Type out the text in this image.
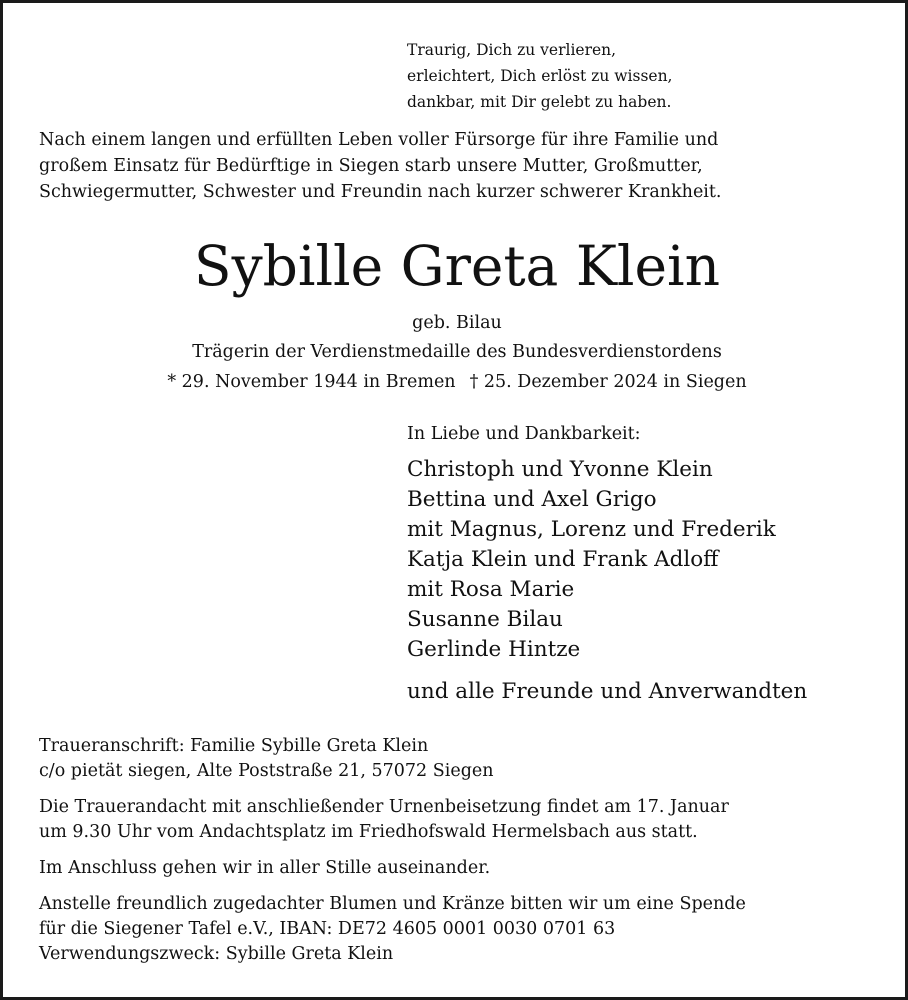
Traurig, Dich zu verlieren,
erleichtert, Dich erlöst zu wissen,
dankbar, mit Dir gelebt zu haben.
Nach einem langen und erfüllten Leben voller Fürsorge für ihre Familie und
großem Einsatz für Bedürftige in Siegen starb unsere Mutter, Großmutter,
Schwiegermutter, Schwester und Freundin nach kurzer schwerer Krankheit.
Sybille Greta Klein
geb. Bilau
Trägerin der Verdienstmedaille des Bundesverdienstordens
* 29. November 1944 in Bremen † 25. Dezember 2024 in Siegen
In Liebe und Dankbarkeit:
Christoph und Yvonne Klein
Bettina und Axel Grigo
mit Magnus, Lorenz und Frederik
Katja Klein und Frank Adloff
mit Rosa Marie
Susanne Bilau
Gerlinde Hintze
und alle Freunde und Anverwandten
Traueranschrift: Familie Sybille Greta Klein
c/o pietät siegen, Alte Poststraße 21, 57072 Siegen
Die Trauerandacht mit anschließender Urnenbeisetzung findet am 17. Januar
um 9.30 Uhr vom Andachtsplatz im Friedhofswald Hermelsbach aus statt.
Im Anschluss gehen wir in aller Stille auseinander.
Anstelle freundlich zugedachter Blumen und Kränze bitten wir um eine Spende
für die Siegener Tafel e.V., IBAN: DE72 4605 0001 0030 0701 63
Verwendungszweck: Sybille Greta Klein
